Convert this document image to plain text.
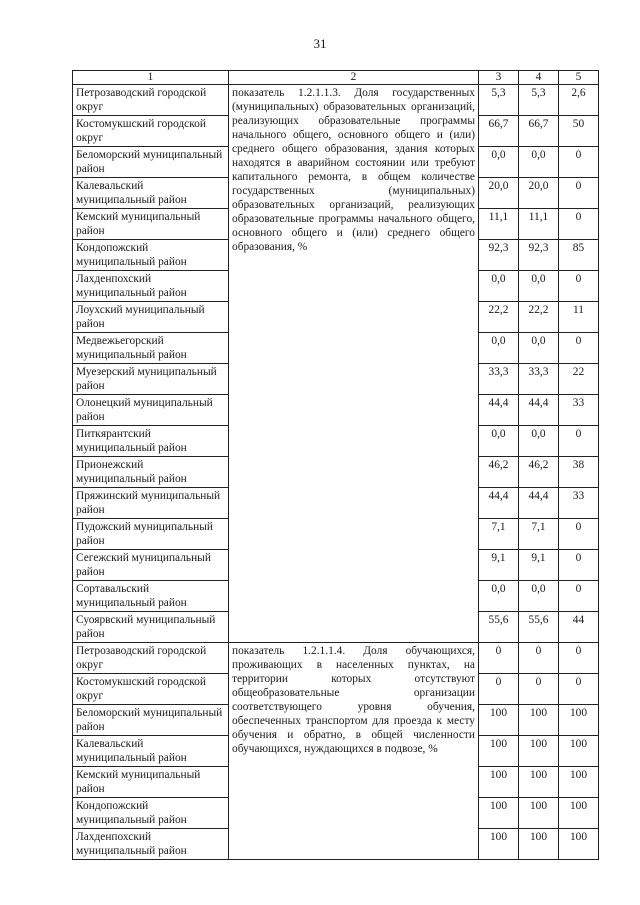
31
1	2	3	4	5
Петрозаводский городской округ	показатель 1.2.1.1.3. Доля государственных (муниципальных) образовательных организаций, реализующих образовательные программы начального общего, основного общего и (или) среднего общего образования, здания которых находятся в аварийном состоянии или требуют капитального ремонта, в общем количестве государственных (муниципальных) образовательных организаций, реализующих образовательные программы начального общего, основного общего и (или) среднего общего образования, %	5,3	5,3	2,6
Костомукшский городской округ		66,7	66,7	50
Беломорский муниципальный район		0,0	0,0	0
Калевальский муниципальный район		20,0	20,0	0
Кемский муниципальный район		11,1	11,1	0
Кондопожский муниципальный район		92,3	92,3	85
Лахденпохский муниципальный район		0,0	0,0	0
Лоухский муниципальный район		22,2	22,2	11
Медвежьегорский муниципальный район		0,0	0,0	0
Муезерский муниципальный район		33,3	33,3	22
Олонецкий муниципальный район		44,4	44,4	33
Питкярантский муниципальный район		0,0	0,0	0
Прионежский муниципальный район		46,2	46,2	38
Пряжинский муниципальный район		44,4	44,4	33
Пудожский муниципальный район		7,1	7,1	0
Сегежский муниципальный район		9,1	9,1	0
Сортавальский муниципальный район		0,0	0,0	0
Суоярвский муниципальный район		55,6	55,6	44
Петрозаводский городской округ	показатель 1.2.1.1.4. Доля обучающихся, проживающих в населенных пунктах, на территории которых отсутствуют общеобразовательные организации соответствующего уровня обучения, обеспеченных транспортом для проезда к месту обучения и обратно, в общей численности обучающихся, нуждающихся в подвозе, %	0	0	0
Костомукшский городской округ		0	0	0
Беломорский муниципальный район		100	100	100
Калевальский муниципальный район		100	100	100
Кемский муниципальный район		100	100	100
Кондопожский муниципальный район		100	100	100
Лахденпохский муниципальный район		100	100	100
